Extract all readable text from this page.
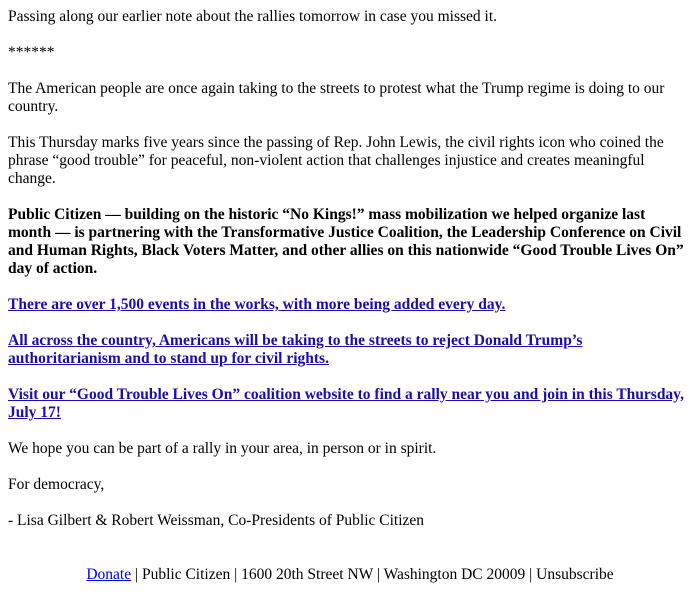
Passing along our earlier note about the rallies tomorrow in case you missed it.

******

The American people are once again taking to the streets to protest what the Trump regime is doing to our country.

This Thursday marks five years since the passing of Rep. John Lewis, the civil rights icon who coined the phrase “good trouble” for peaceful, non-violent action that challenges injustice and creates meaningful change.

Public Citizen — building on the historic “No Kings!” mass mobilization we helped organize last month — is partnering with the Transformative Justice Coalition, the Leadership Conference on Civil and Human Rights, Black Voters Matter, and other allies on this nationwide “Good Trouble Lives On” day of action.

There are over 1,500 events in the works, with more being added every day.

All across the country, Americans will be taking to the streets to reject Donald Trump’s authoritarianism and to stand up for civil rights.

Visit our “Good Trouble Lives On” coalition website to find a rally near you and join in this Thursday, July 17!

We hope you can be part of a rally in your area, in person or in spirit.

For democracy,

- Lisa Gilbert & Robert Weissman, Co-Presidents of Public Citizen

Donate | Public Citizen | 1600 20th Street NW | Washington DC 20009 | Unsubscribe
